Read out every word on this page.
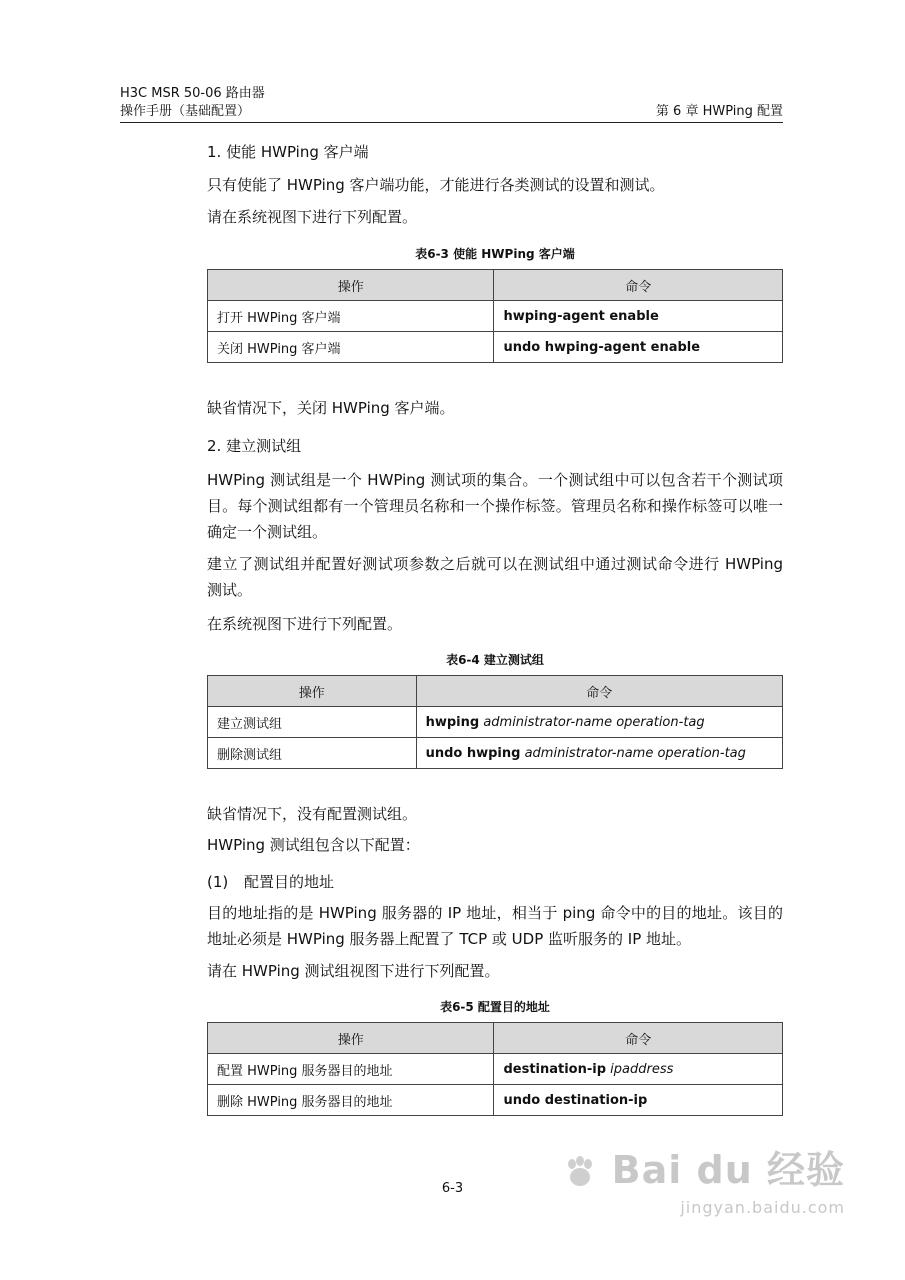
H3C MSR 50-06 路由器
操作手册（基础配置）	第 6 章 HWPing 配置
1. 使能 HWPing 客户端
只有使能了 HWPing 客户端功能，才能进行各类测试的设置和测试。
请在系统视图下进行下列配置。
表6-3 使能 HWPing 客户端
操作	命令
打开 HWPing 客户端	hwping-agent enable
关闭 HWPing 客户端	undo hwping-agent enable
缺省情况下，关闭 HWPing 客户端。
2. 建立测试组
HWPing 测试组是一个 HWPing 测试项的集合。一个测试组中可以包含若干个测试项目。每个测试组都有一个管理员名称和一个操作标签。管理员名称和操作标签可以唯一确定一个测试组。
建立了测试组并配置好测试项参数之后就可以在测试组中通过测试命令进行 HWPing 测试。
在系统视图下进行下列配置。
表6-4 建立测试组
操作	命令
建立测试组	hwping administrator-name operation-tag
删除测试组	undo hwping administrator-name operation-tag
缺省情况下，没有配置测试组。
HWPing 测试组包含以下配置：
(1) 配置目的地址
目的地址指的是 HWPing 服务器的 IP 地址，相当于 ping 命令中的目的地址。该目的地址必须是 HWPing 服务器上配置了 TCP 或 UDP 监听服务的 IP 地址。
请在 HWPing 测试组视图下进行下列配置。
表6-5 配置目的地址
操作	命令
配置 HWPing 服务器目的地址	destination-ip ipaddress
删除 HWPing 服务器目的地址	undo destination-ip
6-3	Bai du 经验
jingyan.baidu.com
